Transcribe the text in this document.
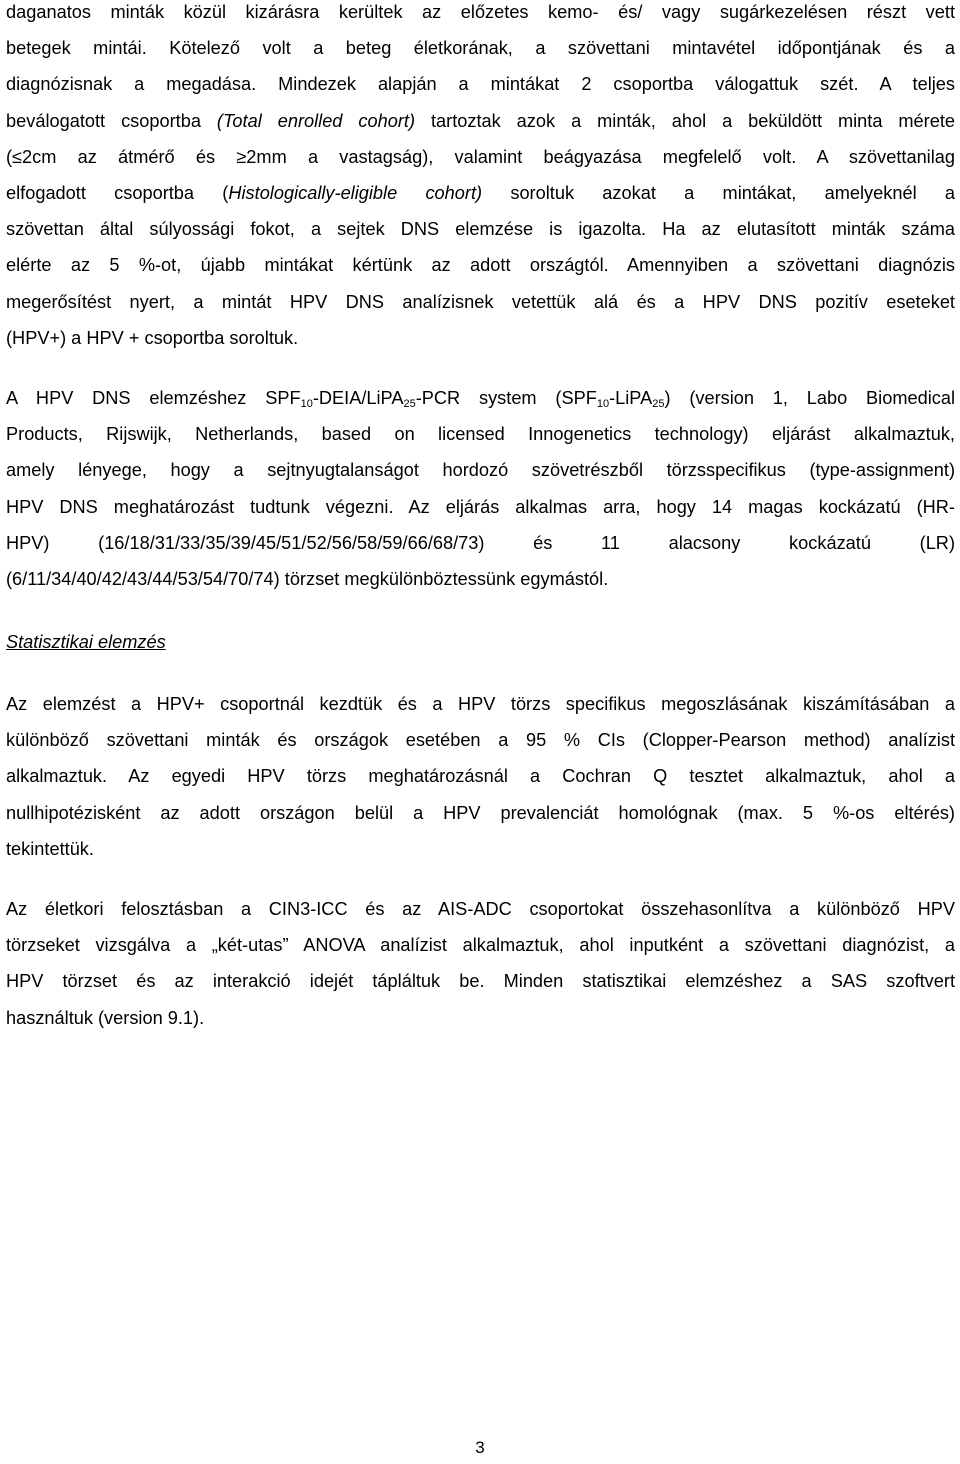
daganatos minták közül kizárásra kerültek az előzetes kemo- és/ vagy sugárkezelésen részt vett
betegek mintái. Kötelező volt a beteg életkorának, a szövettani mintavétel időpontjának és a
diagnózisnak a megadása. Mindezek alapján a mintákat 2 csoportba válogattuk szét. A teljes
beválogatott csoportba (Total enrolled cohort) tartoztak azok a minták, ahol a beküldött minta mérete
(≤2cm az átmérő és ≥2mm a vastagság), valamint beágyazása megfelelő volt. A szövettanilag
elfogadott csoportba (Histologically-eligible cohort) soroltuk azokat a mintákat, amelyeknél a
szövettan által súlyossági fokot, a sejtek DNS elemzése is igazolta. Ha az elutasított minták száma
elérte az 5 %-ot, újabb mintákat kértünk az adott országtól. Amennyiben a szövettani diagnózis
megerősítést nyert, a mintát HPV DNS analízisnek vetettük alá és a HPV DNS pozitív eseteket
(HPV+) a HPV + csoportba soroltuk.
A HPV DNS elemzéshez $SPF_{10}-DEIA/LiPA_{25}$-PCR system $(SPF_{10}-LiPA_{25})$ (version 1, Labo Biomedical
Products, Rijswijk, Netherlands, based on licensed Innogenetics technology) eljárást alkalmaztuk,
amely lényege, hogy a sejtnyugtalanságot hordozó szövetrészből törzsspecifikus (type-assignment)
HPV DNS meghatározást tudtunk végezni. Az eljárás alkalmas arra, hogy 14 magas kockázatú (HR-
HPV) (16/18/31/33/35/39/45/51/52/56/58/59/66/68/73) és 11 alacsony kockázatú (LR)
(6/11/34/40/42/43/44/53/54/70/74) törzset megkülönböztessünk egymástól.

Statisztikai elemzés

Az elemzést a HPV+ csoportnál kezdtük és a HPV törzs specifikus megoszlásának kiszámításában a
különböző szövettani minták és országok esetében a 95 % CIs (Clopper-Pearson method) analízist
alkalmaztuk. Az egyedi HPV törzs meghatározásnál a Cochran Q tesztet alkalmaztuk, ahol a
nullhipotézisként az adott országon belül a HPV prevalenciát homológnak (max. 5 %-os eltérés)
tekintettük.
Az életkori felosztásban a CIN3-ICC és az AIS-ADC csoportokat összehasonlítva a különböző HPV
törzseket vizsgálva a „két-utas” ANOVA analízist alkalmaztuk, ahol inputként a szövettani diagnózist, a
HPV törzset és az interakció idejét tápláltuk be. Minden statisztikai elemzéshez a SAS szoftvert
használtuk (version 9.1).
3
